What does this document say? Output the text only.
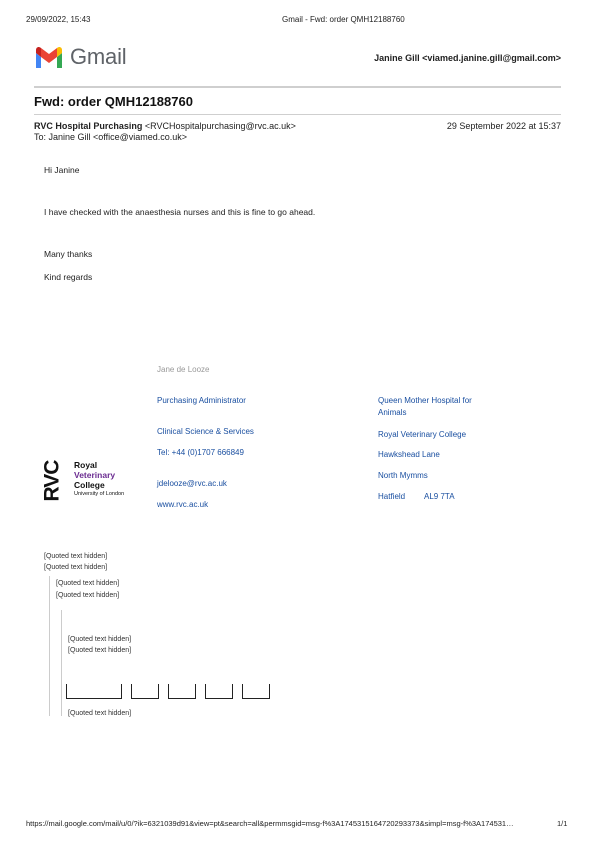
29/09/2022, 15:43	Gmail - Fwd: order QMH12188760
Gmail	Janine Gill <viamed.janine.gill@gmail.com>
Fwd: order QMH12188760
RVC Hospital Purchasing <RVCHospitalpurchasing@rvc.ac.uk>	29 September 2022 at 15:37
To: Janine Gill <office@viamed.co.uk>
Hi Janine
I have checked with the anaesthesia nurses and this is fine to go ahead.
Many thanks
Kind regards
Jane de Looze
Purchasing Administrator
Clinical Science & Services
Tel: +44 (0)1707 666849
jdelooze@rvc.ac.uk
www.rvc.ac.uk
Queen Mother Hospital for
Animals
Royal Veterinary College
Hawkshead Lane
North Mymms
Hatfield AL9 7TA
RVC Royal
Veterinary
College
University of London
[Quoted text hidden]
[Quoted text hidden]
[Quoted text hidden]
[Quoted text hidden]
[Quoted text hidden]
[Quoted text hidden]
[Quoted text hidden]
https://mail.google.com/mail/u/0/?ik=6321039d91&view=pt&search=all&permmsgid=msg-f%3A1745315164720293373&simpl=msg-f%3A174531…	1/1
